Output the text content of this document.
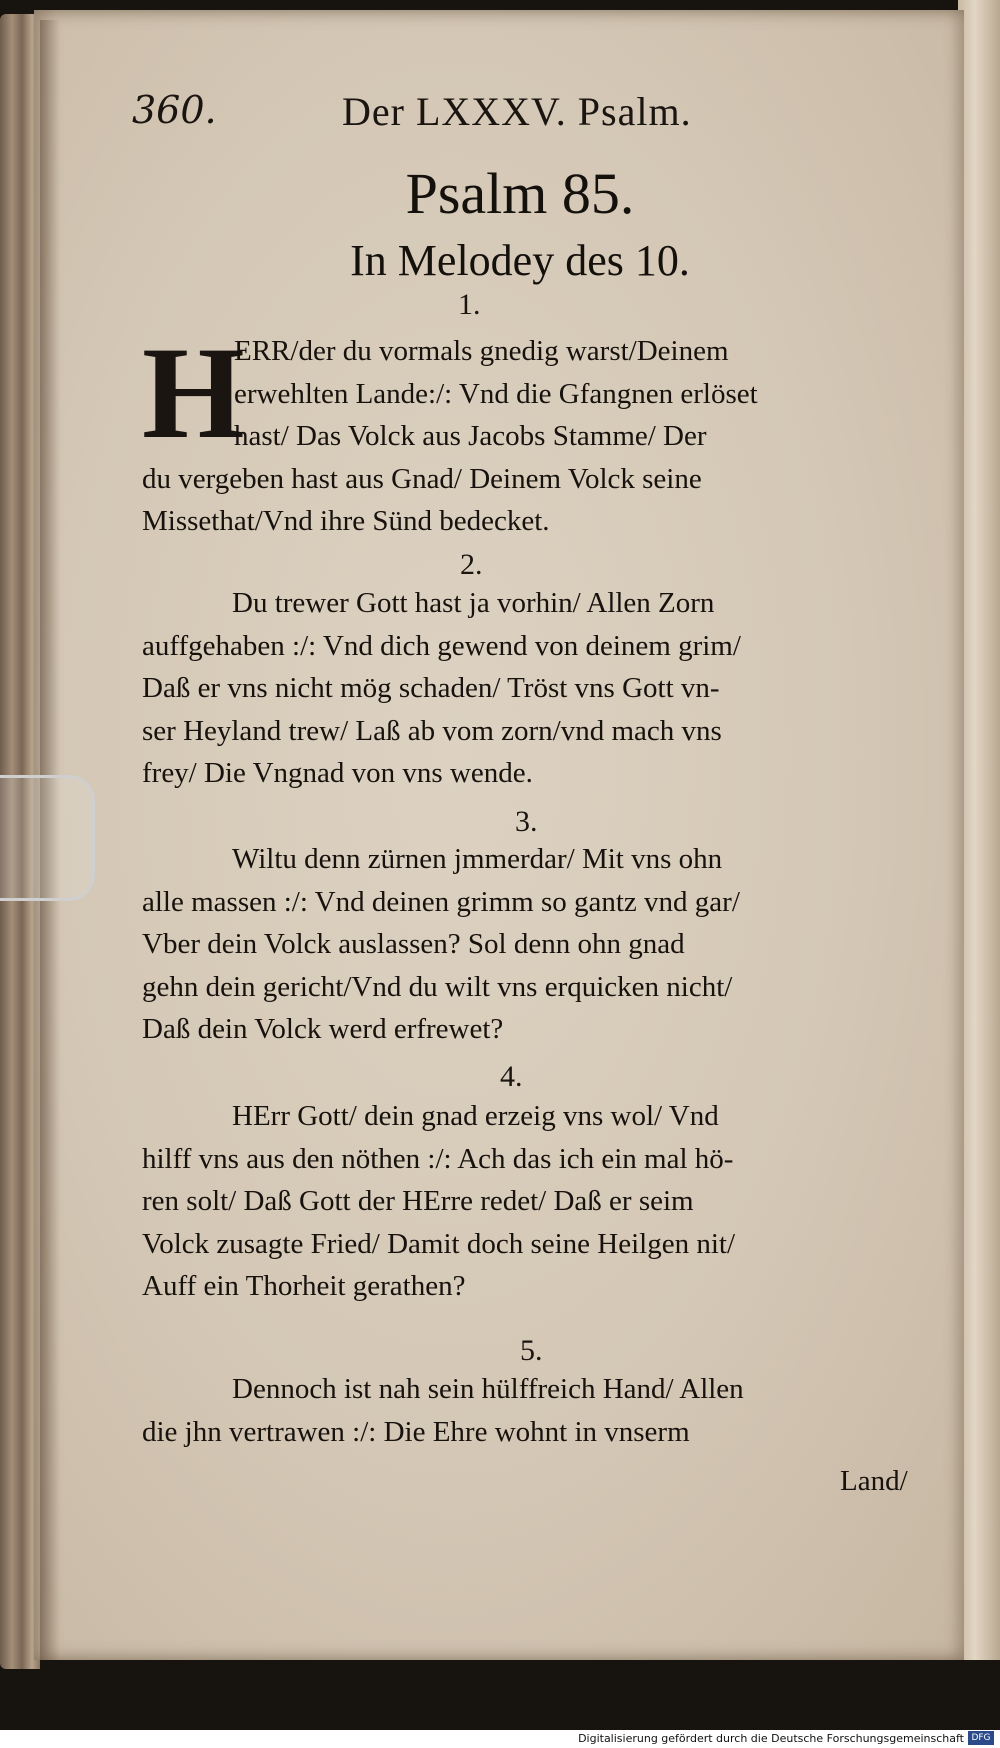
360.	Der LXXXV. Psalm.
Psalm 85.
In Melodey des 10.
1.
H
ERR/der du vormals gnedig warst/Deinem
erwehlten Lande:/: Vnd die Gfangnen erlöset
hast/ Das Volck aus Jacobs Stamme/ Der
du vergeben hast aus Gnad/ Deinem Volck seine
Missethat/Vnd ihre Sünd bedecket.
2.
Du trewer Gott hast ja vorhin/ Allen Zorn
auffgehaben :/: Vnd dich gewend von deinem grim/
Daß er vns nicht mög schaden/ Tröst vns Gott vn-
ser Heyland trew/ Laß ab vom zorn/vnd mach vns
frey/ Die Vngnad von vns wende.
3.
Wiltu denn zürnen jmmerdar/ Mit vns ohn
alle massen :/: Vnd deinen grimm so gantz vnd gar/
Vber dein Volck auslassen? Sol denn ohn gnad
gehn dein gericht/Vnd du wilt vns erquicken nicht/
Daß dein Volck werd erfrewet?
4.
HErr Gott/ dein gnad erzeig vns wol/ Vnd
hilff vns aus den nöthen :/: Ach das ich ein mal hö-
ren solt/ Daß Gott der HErre redet/ Daß er seim
Volck zusagte Fried/ Damit doch seine Heilgen nit/
Auff ein Thorheit gerathen?
5.
Dennoch ist nah sein hülffreich Hand/ Allen
die jhn vertrawen :/: Die Ehre wohnt in vnserm
Land/
Digitalisierung gefördert durch die Deutsche Forschungsgemeinschaft DFG
